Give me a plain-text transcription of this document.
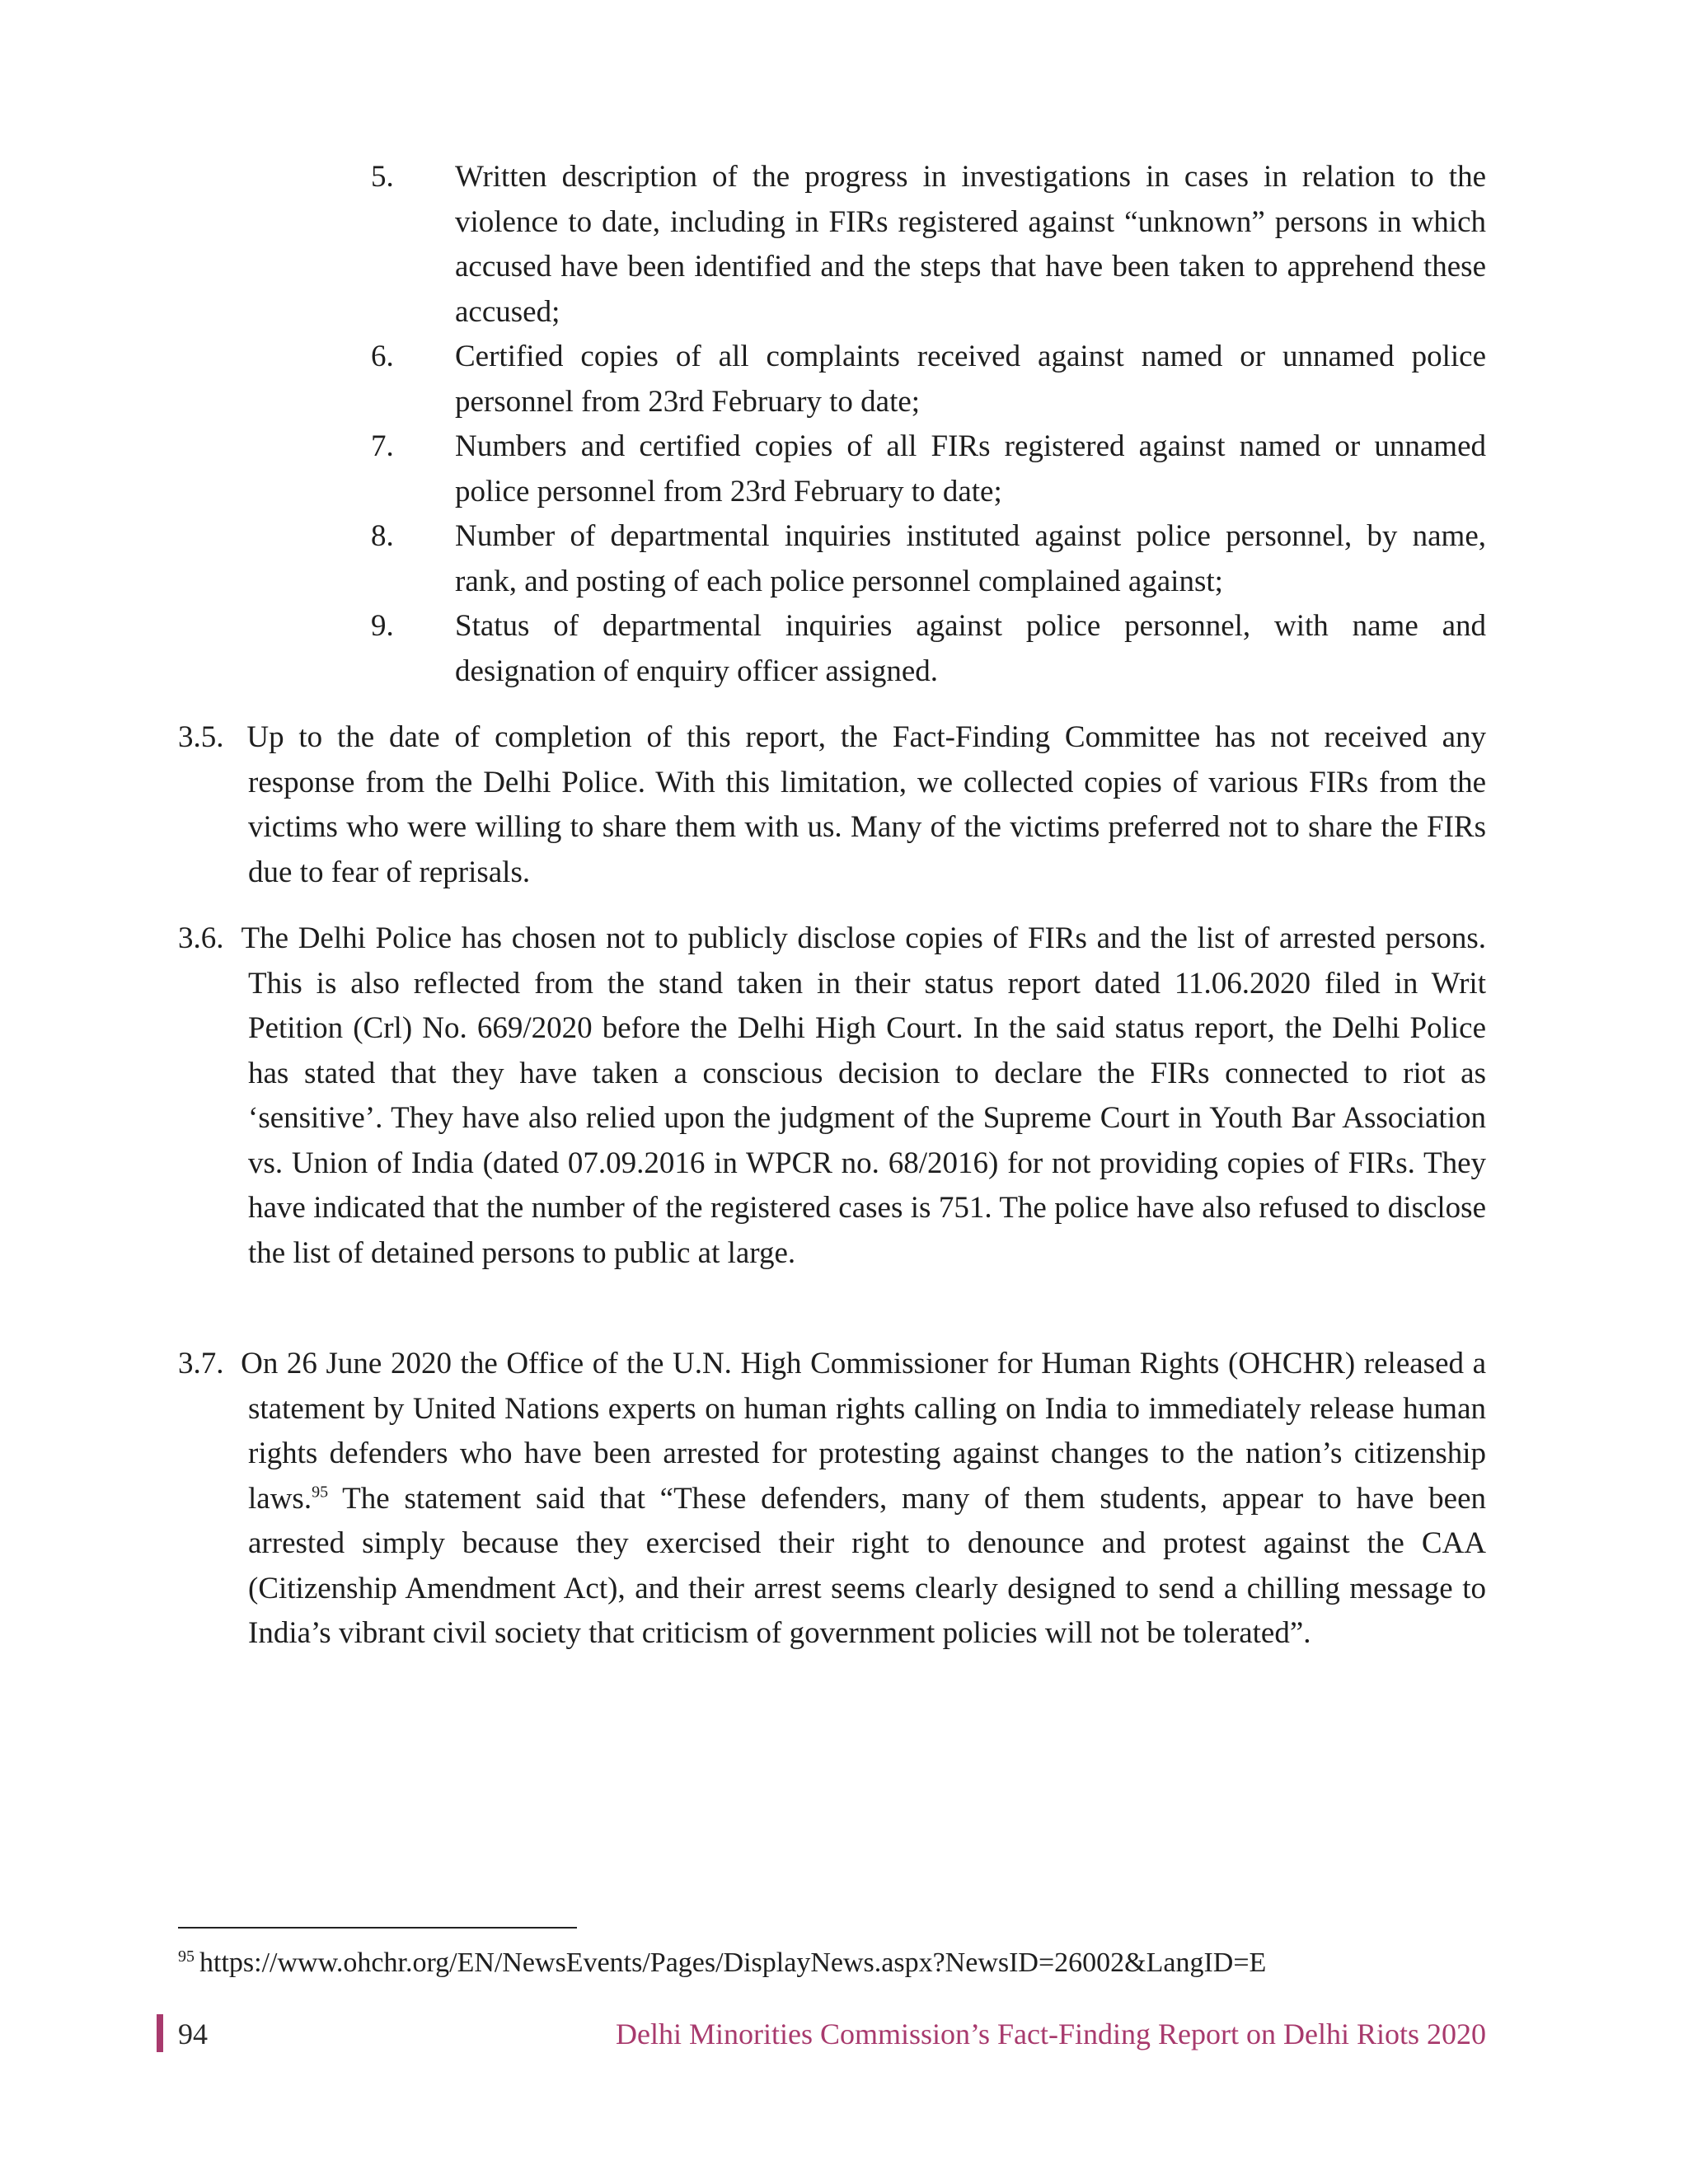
5. Written description of the progress in investigations in cases in relation to the violence to date, including in FIRs registered against “unknown” persons in which accused have been identified and the steps that have been taken to apprehend these accused;
6. Certified copies of all complaints received against named or unnamed police personnel from 23rd February to date;
7. Numbers and certified copies of all FIRs registered against named or unnamed police personnel from 23rd February to date;
8. Number of departmental inquiries instituted against police personnel, by name, rank, and posting of each police personnel complained against;
9. Status of departmental inquiries against police personnel, with name and designation of enquiry officer assigned.

3.5. Up to the date of completion of this report, the Fact-Finding Committee has not received any response from the Delhi Police. With this limitation, we collected copies of various FIRs from the victims who were willing to share them with us. Many of the victims preferred not to share the FIRs due to fear of reprisals.

3.6. The Delhi Police has chosen not to publicly disclose copies of FIRs and the list of arrested persons. This is also reflected from the stand taken in their status report dated 11.06.2020 filed in Writ Petition (Crl) No. 669/2020 before the Delhi High Court. In the said status report, the Delhi Police has stated that they have taken a conscious decision to declare the FIRs connected to riot as ‘sensitive’. They have also relied upon the judgment of the Supreme Court in Youth Bar Association vs. Union of India (dated 07.09.2016 in WPCR no. 68/2016) for not providing copies of FIRs. They have indicated that the number of the registered cases is 751. The police have also refused to disclose the list of detained persons to public at large.

3.7. On 26 June 2020 the Office of the U.N. High Commissioner for Human Rights (OHCHR) released a statement by United Nations experts on human rights calling on India to immediately release human rights defenders who have been arrested for protesting against changes to the nation’s citizenship laws.$^{95}$ The statement said that “These defenders, many of them students, appear to have been arrested simply because they exercised their right to denounce and protest against the CAA (Citizenship Amendment Act), and their arrest seems clearly designed to send a chilling message to India’s vibrant civil society that criticism of government policies will not be tolerated”.

$^{95}$ https://www.ohchr.org/EN/NewsEvents/Pages/DisplayNews.aspx?NewsID=26002&LangID=E
94	Delhi Minorities Commission’s Fact-Finding Report on Delhi Riots 2020
